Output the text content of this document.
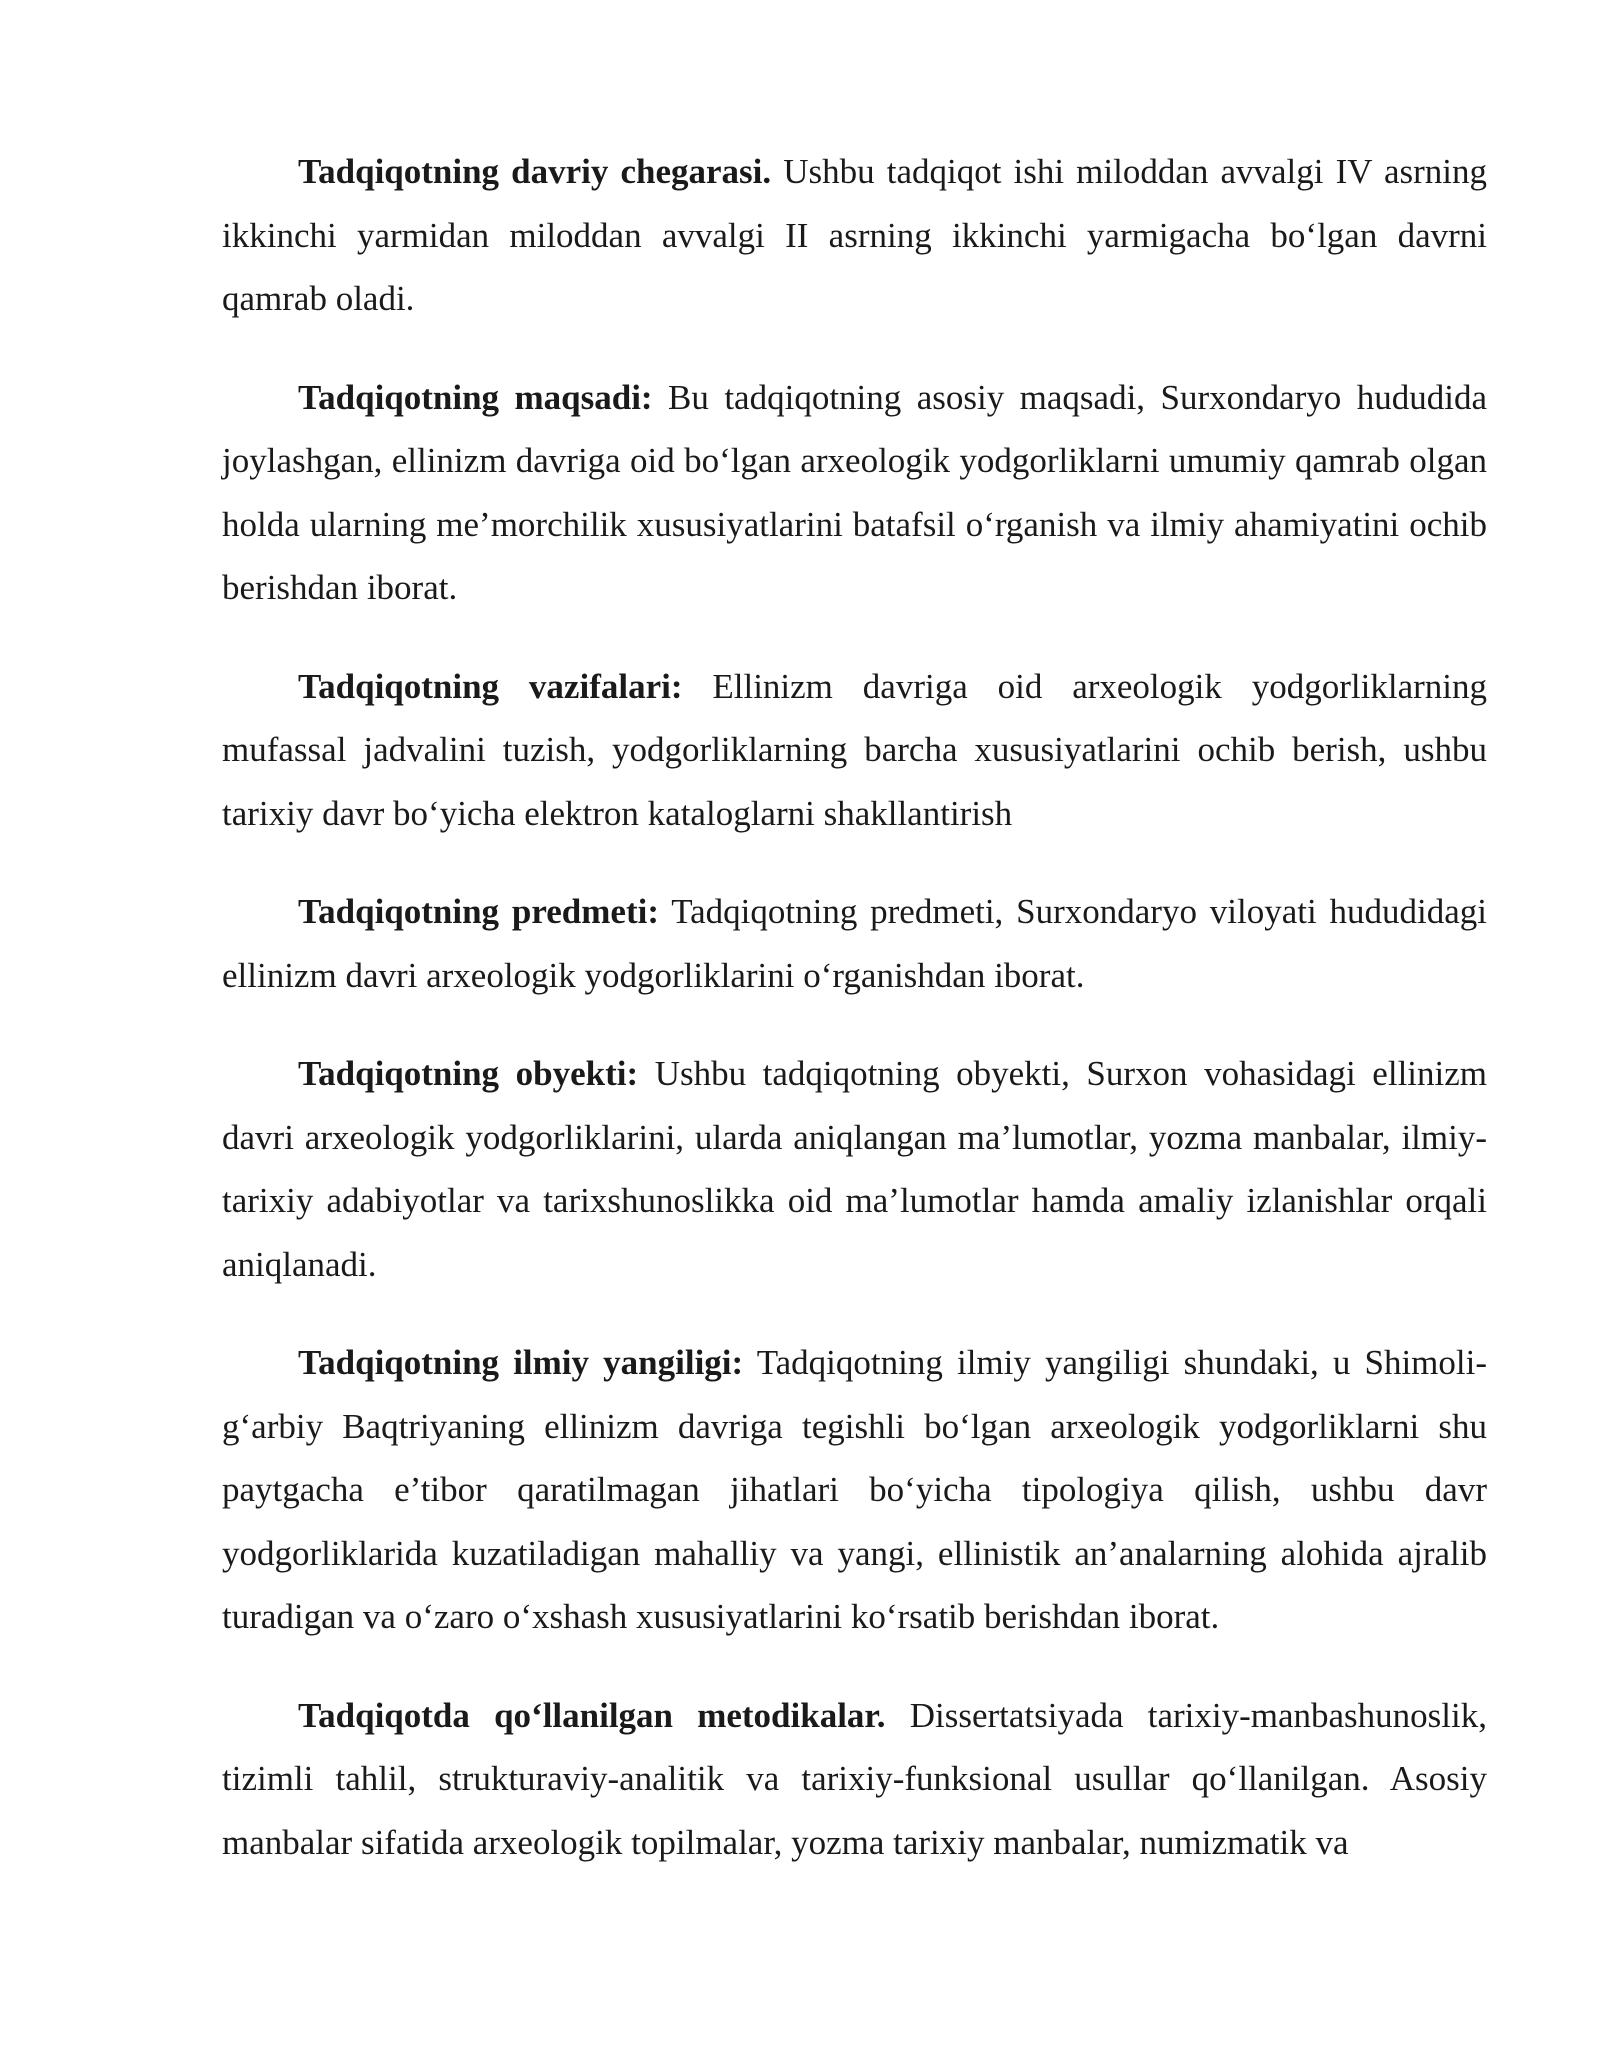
Tadqiqotning davriy chegarasi. Ushbu tadqiqot ishi miloddan avvalgi IV asrning ikkinchi yarmidan miloddan avvalgi II asrning ikkinchi yarmigacha bo‘lgan davrni qamrab oladi.

Tadqiqotning maqsadi: Bu tadqiqotning asosiy maqsadi, Surxondaryo hududida joylashgan, ellinizm davriga oid bo‘lgan arxeologik yodgorliklarni umumiy qamrab olgan holda ularning me’morchilik xususiyatlarini batafsil o‘rganish va ilmiy ahamiyatini ochib berishdan iborat.

Tadqiqotning vazifalari: Ellinizm davriga oid arxeologik yodgorliklarning mufassal jadvalini tuzish, yodgorliklarning barcha xususiyatlarini ochib berish, ushbu tarixiy davr bo‘yicha elektron kataloglarni shakllantirish

Tadqiqotning predmeti: Tadqiqotning predmeti, Surxondaryo viloyati hududidagi ellinizm davri arxeologik yodgorliklarini o‘rganishdan iborat.

Tadqiqotning obyekti: Ushbu tadqiqotning obyekti, Surxon vohasidagi ellinizm davri arxeologik yodgorliklarini, ularda aniqlangan ma’lumotlar, yozma manbalar, ilmiy-tarixiy adabiyotlar va tarixshunoslikka oid ma’lumotlar hamda amaliy izlanishlar orqali aniqlanadi.

Tadqiqotning ilmiy yangiligi: Tadqiqotning ilmiy yangiligi shundaki, u Shimoli-g‘arbiy Baqtriyaning ellinizm davriga tegishli bo‘lgan arxeologik yodgorliklarni shu paytgacha e’tibor qaratilmagan jihatlari bo‘yicha tipologiya qilish, ushbu davr yodgorliklarida kuzatiladigan mahalliy va yangi, ellinistik an’analarning alohida ajralib turadigan va o‘zaro o‘xshash xususiyatlarini ko‘rsatib berishdan iborat.

Tadqiqotda qo‘llanilgan metodikalar. Dissertatsiyada tarixiy-manbashunoslik, tizimli tahlil, strukturaviy-analitik va tarixiy-funksional usullar qo‘llanilgan. Asosiy manbalar sifatida arxeologik topilmalar, yozma tarixiy manbalar, numizmatik va
